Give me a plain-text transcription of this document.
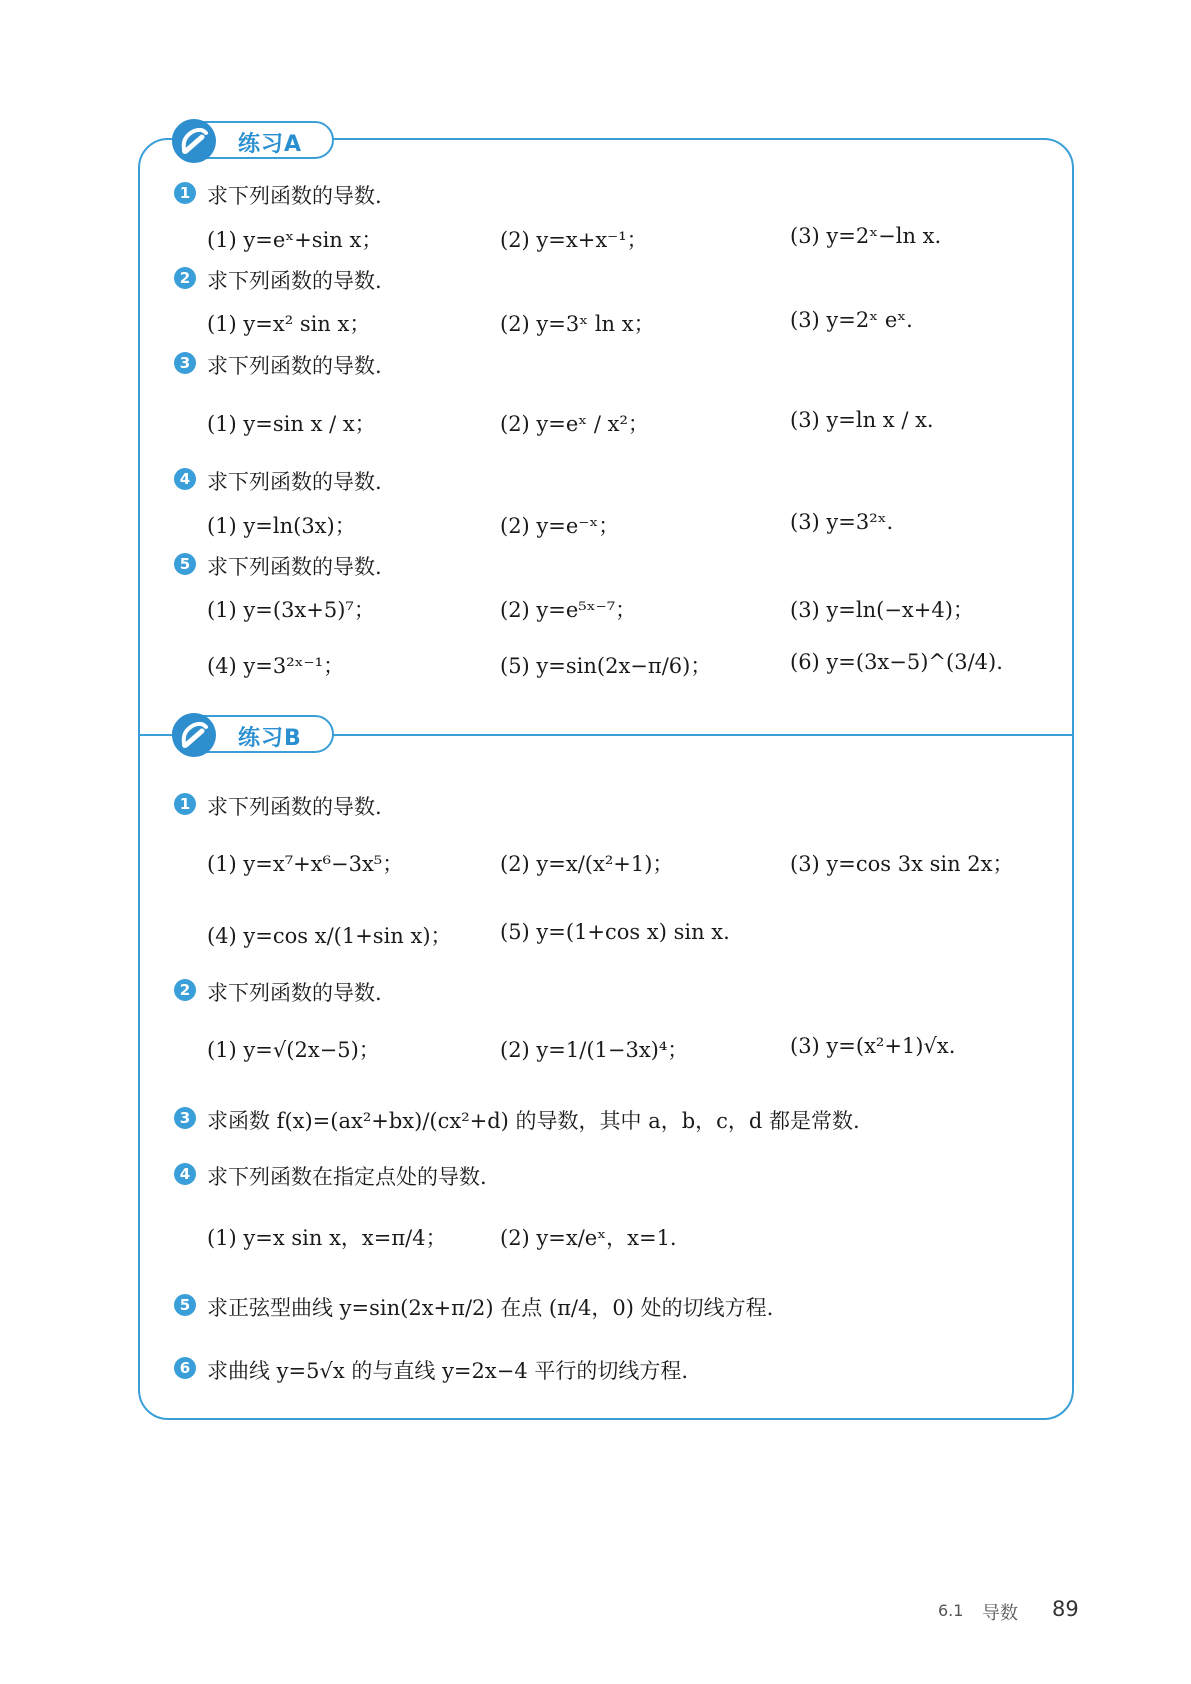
练习A
练习B
1 求下列函数的导数.
(1) y=eˣ+sin x；	(2) y=x+x⁻¹；	(3) y=2ˣ−ln x.
2 求下列函数的导数.
(1) y=x² sin x；	(2) y=3ˣ ln x；	(3) y=2ˣ eˣ.
3 求下列函数的导数.
(1) y=sin x / x；	(2) y=eˣ / x²；	(3) y=ln x / x.
4 求下列函数的导数.
(1) y=ln(3x)；	(2) y=e⁻ˣ；	(3) y=3²ˣ.
5 求下列函数的导数.
(1) y=(3x+5)⁷；	(2) y=e⁵ˣ⁻⁷；	(3) y=ln(−x+4)；
(4) y=3²ˣ⁻¹；	(5) y=sin(2x−π/6)；	(6) y=(3x−5)^(3/4).
1 求下列函数的导数.
(1) y=x⁷+x⁶−3x⁵；	(2) y=x/(x²+1)；	(3) y=cos 3x sin 2x；
(4) y=cos x/(1+sin x)； (5) y=(1+cos x) sin x.
2 求下列函数的导数.
(1) y=√(2x−5)；	(2) y=1/(1−3x)⁴；	(3) y=(x²+1)√x.
3 求函数 f(x)=(ax²+bx)/(cx²+d) 的导数，其中 a，b，c，d 都是常数.
4 求下列函数在指定点处的导数.
(1) y=x sin x，x=π/4；	(2) y=x/eˣ，x=1.
5 求正弦型曲线 y=sin(2x+π/2) 在点 (π/4，0) 处的切线方程.
6 求曲线 y=5√x 的与直线 y=2x−4 平行的切线方程.
6.1 导数 89
